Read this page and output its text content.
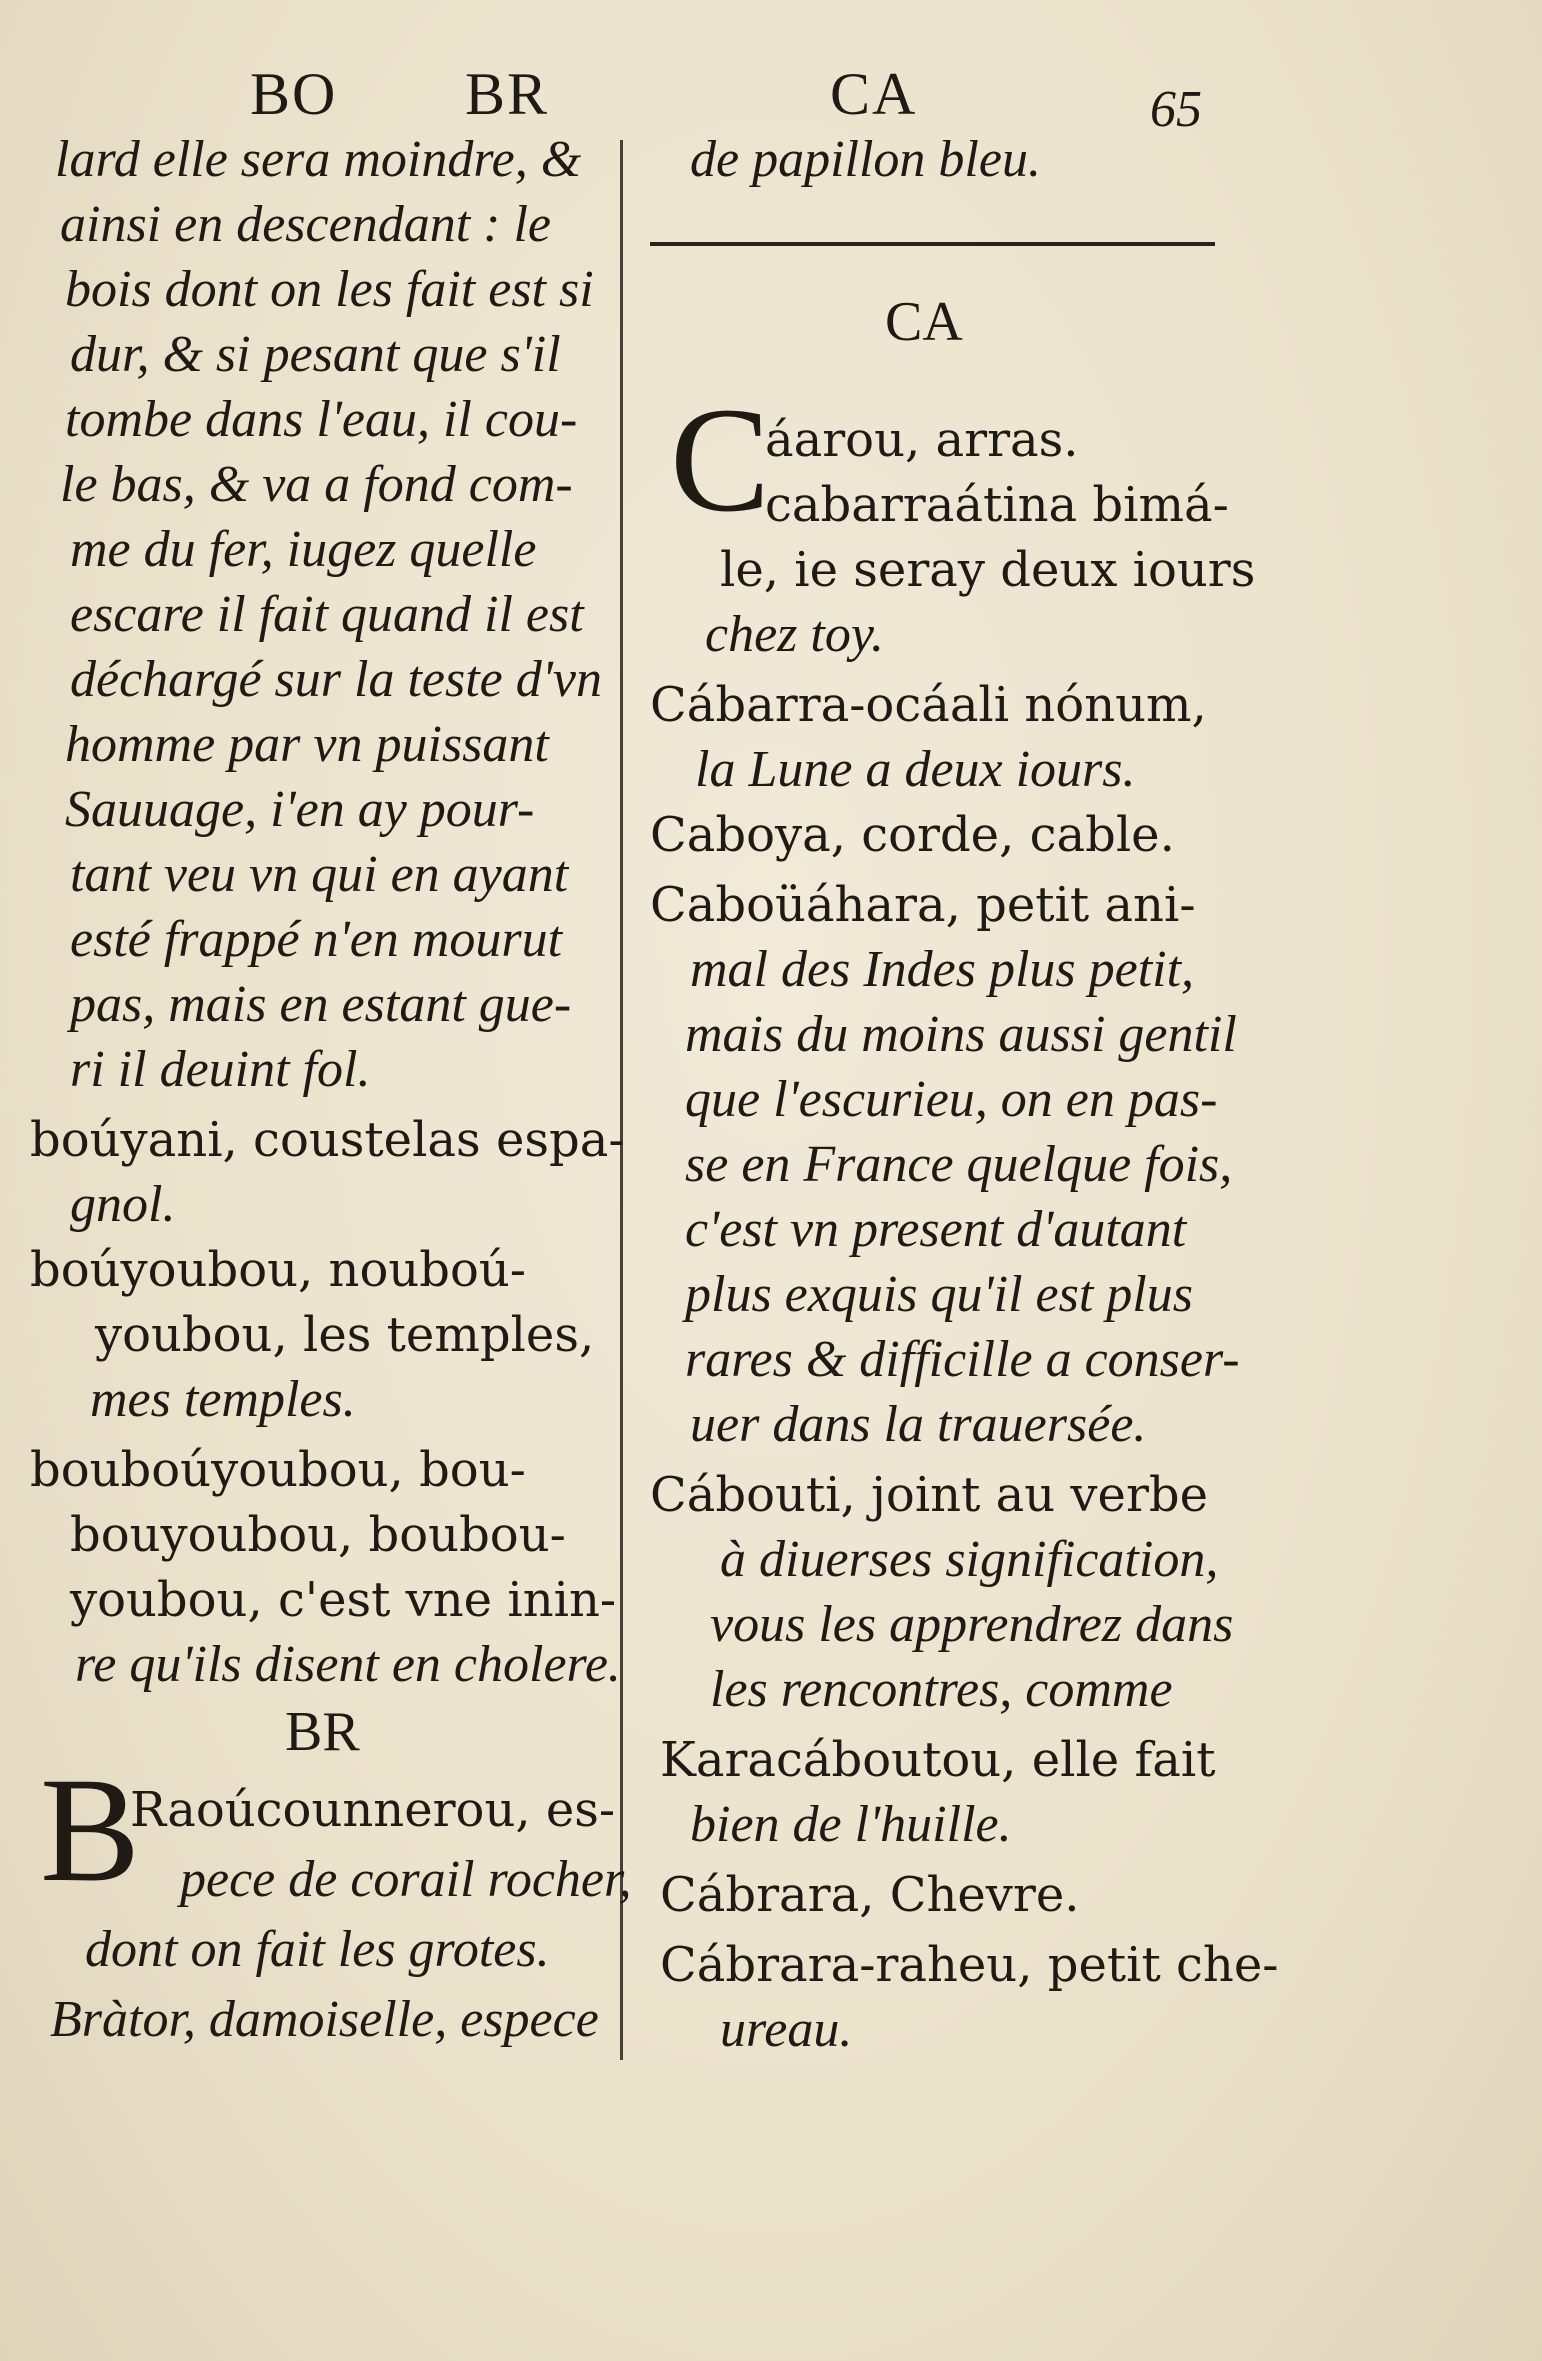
BO BR	CA	65
lard elle sera moindre, &
ainsi en descendant : le
bois dont on les fait est si
dur, & si pesant que s'il
tombe dans l'eau, il cou-
le bas, & va a fond com-
me du fer, iugez quelle
escare il fait quand il est
déchargé sur la teste d'vn
homme par vn puissant
Sauuage, i'en ay pour-
tant veu vn qui en ayant
esté frappé n'en mourut
pas, mais en estant gue-
ri il deuint fol.
boúyani, coustelas espa-
gnol.
boúyoubou, nouboú-
youbou, les temples,
mes temples.
bouboúyoubou, bou-
bouyoubou, boubou-
youbou, c'est vne inin-
re qu'ils disent en cholere.
BR
B
Raoúcounnerou, es-
pece de corail rocher,
dont on fait les grotes.
Bràtor, damoiselle, espece
de papillon bleu.
CA
C
áarou, arras.
cabarraátina bimá-
le, ie seray deux iours
chez toy.
Cábarra-ocáali nónum,
la Lune a deux iours.
Caboya, corde, cable.
Caboüáhara, petit ani-
mal des Indes plus petit,
mais du moins aussi gentil
que l'escurieu, on en pas-
se en France quelque fois,
c'est vn present d'autant
plus exquis qu'il est plus
rares & difficille a conser-
uer dans la trauersée.
Cábouti, joint au verbe
à diuerses signification,
vous les apprendrez dans
les rencontres, comme
Karacáboutou, elle fait
bien de l'huille.
Cábrara, Chevre.
Cábrara-raheu, petit che-
ureau.
